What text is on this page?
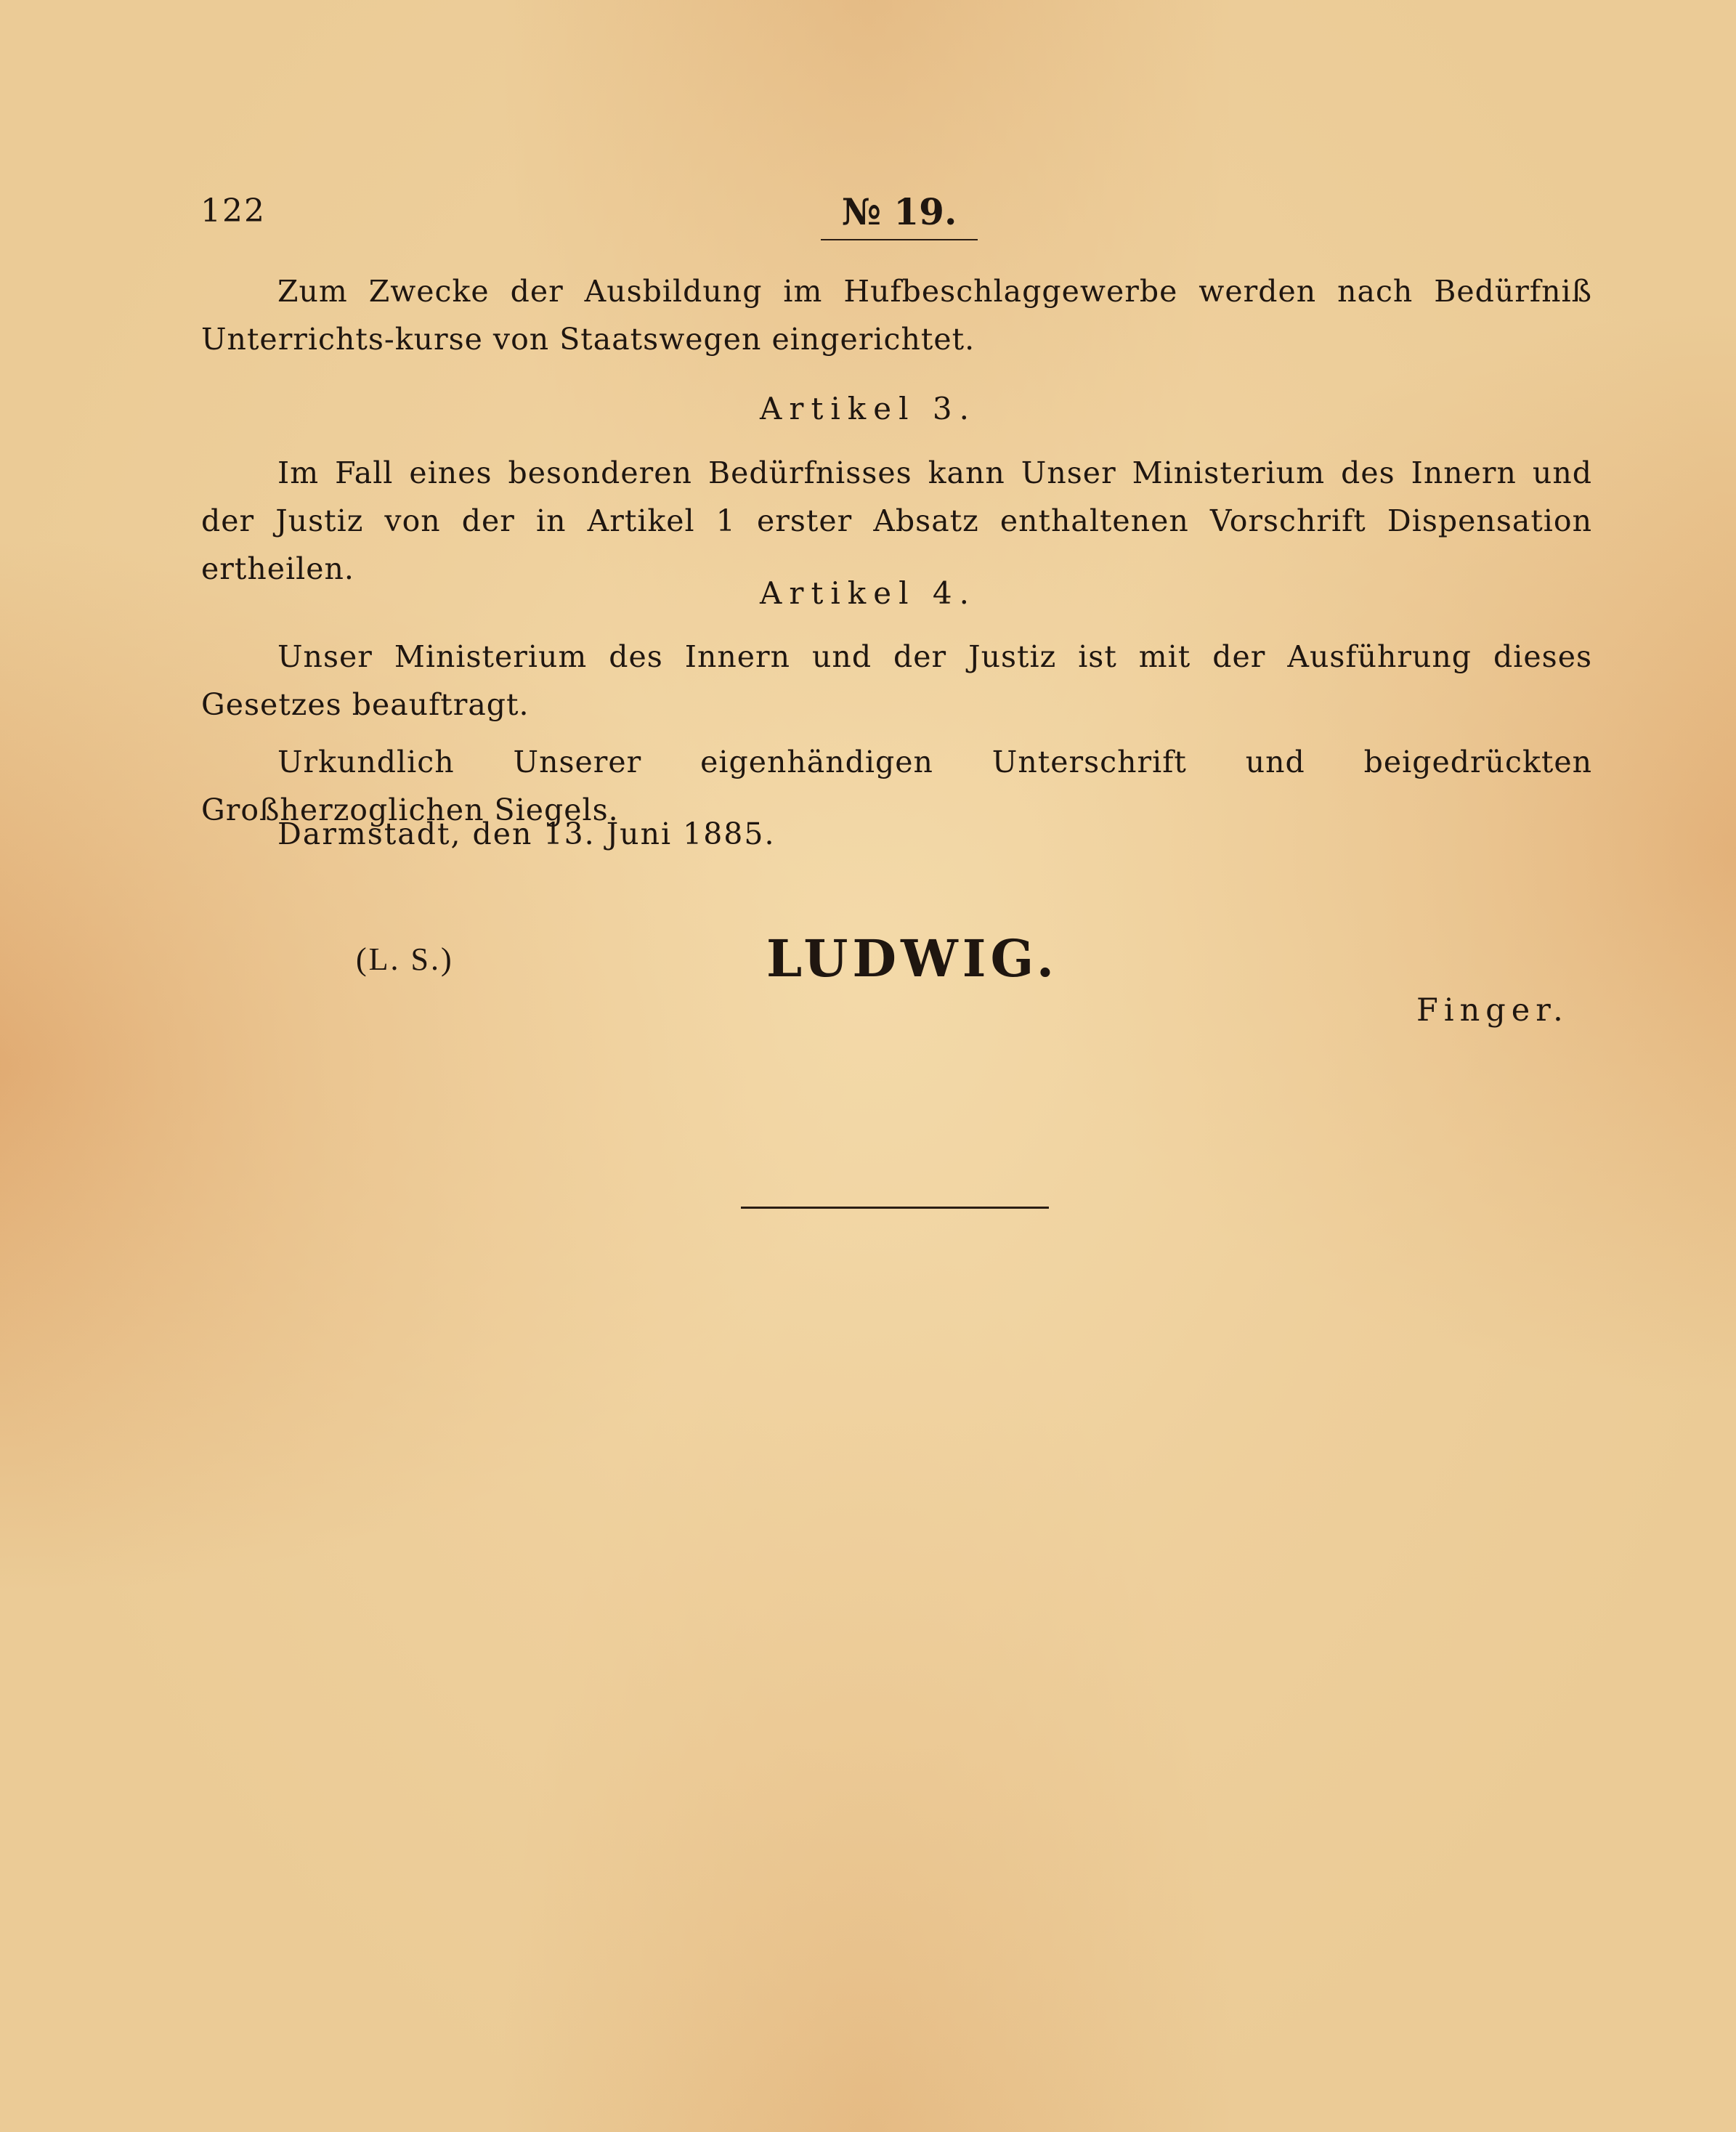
122	№ 19.
Zum Zwecke der Ausbildung im Hufbeschlaggewerbe werden nach Bedürfniß Unterrichts-kurse von Staatswegen eingerichtet.
Artikel 3.
Im Fall eines besonderen Bedürfnisses kann Unser Ministerium des Innern und der Justiz von der in Artikel 1 erster Absatz enthaltenen Vorschrift Dispensation ertheilen.
Artikel 4.
Unser Ministerium des Innern und der Justiz ist mit der Ausführung dieses Gesetzes beauftragt.
Urkundlich Unserer eigenhändigen Unterschrift und beigedrückten Großherzoglichen Siegels.
Darmstadt, den 13. Juni 1885.
(L. S.)	LUDWIG.
Finger.
